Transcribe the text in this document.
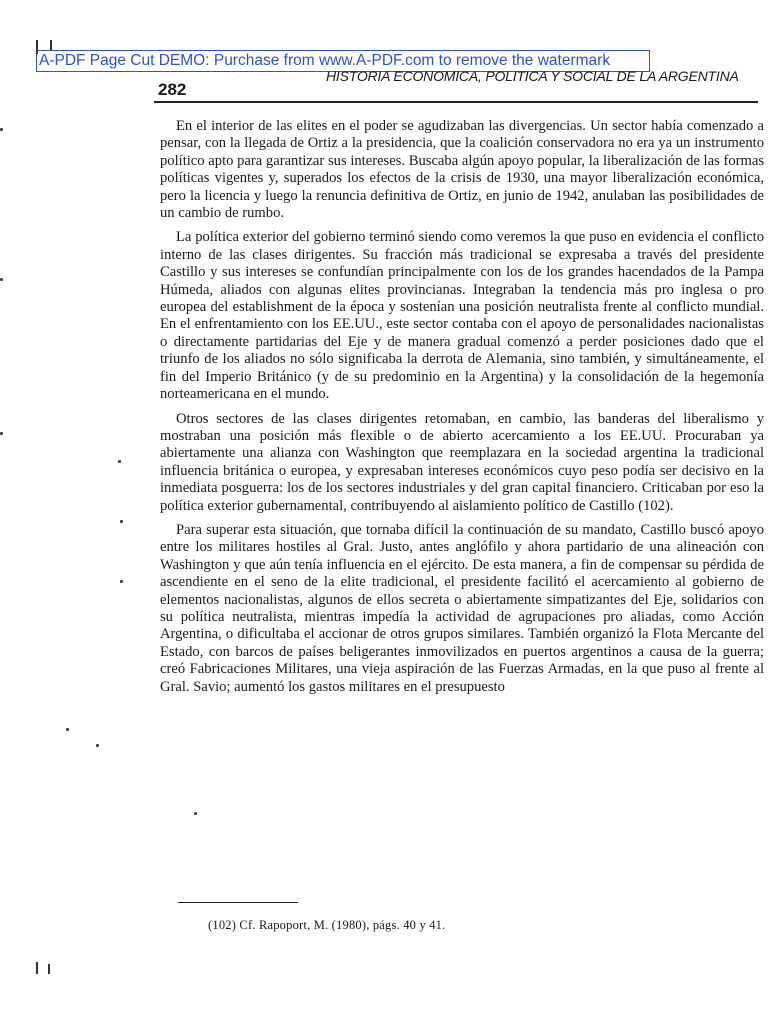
A-PDF Page Cut DEMO: Purchase from www.A-PDF.com to remove the watermark
282
HISTORIA ECONOMICA, POLITICA Y SOCIAL DE LA ARGENTINA

En el interior de las elites en el poder se agudizaban las divergencias. Un sector había comenzado a pensar, con la llegada de Ortiz a la presidencia, que la coalición conservadora no era ya un instrumento político apto para garantizar sus intereses. Buscaba algún apoyo popular, la liberalización de las formas políticas vigentes y, superados los efectos de la crisis de 1930, una mayor liberalización económica, pero la licencia y luego la renuncia definitiva de Ortiz, en junio de 1942, anulaban las posibilidades de un cambio de rumbo.

La política exterior del gobierno terminó siendo como veremos la que puso en evidencia el conflicto interno de las clases dirigentes. Su fracción más tradicional se expresaba a través del presidente Castillo y sus intereses se confundían principalmente con los de los grandes hacendados de la Pampa Húmeda, aliados con algunas elites provincianas. Integraban la tendencia más pro inglesa o pro europea del establishment de la época y sostenían una posición neutralista frente al conflicto mundial. En el enfrentamiento con los EE.UU., este sector contaba con el apoyo de personalidades nacionalistas o directamente partidarias del Eje y de manera gradual comenzó a perder posiciones dado que el triunfo de los aliados no sólo significaba la derrota de Alemania, sino también, y simultáneamente, el fin del Imperio Británico (y de su predominio en la Argentina) y la consolidación de la hegemonía norteamericana en el mundo.

Otros sectores de las clases dirigentes retomaban, en cambio, las banderas del liberalismo y mostraban una posición más flexible o de abierto acercamiento a los EE.UU. Procuraban ya abiertamente una alianza con Washington que reemplazara en la sociedad argentina la tradicional influencia británica o europea, y expresaban intereses económicos cuyo peso podía ser decisivo en la inmediata posguerra: los de los sectores industriales y del gran capital financiero. Criticaban por eso la política exterior gubernamental, contribuyendo al aislamiento político de Castillo (102).

Para superar esta situación, que tornaba difícil la continuación de su mandato, Castillo buscó apoyo entre los militares hostiles al Gral. Justo, antes anglófilo y ahora partidario de una alineación con Washington y que aún tenía influencia en el ejército. De esta manera, a fin de compensar su pérdida de ascendiente en el seno de la elite tradicional, el presidente facilitó el acercamiento al gobierno de elementos nacionalistas, algunos de ellos secreta o abiertamente simpatizantes del Eje, solidarios con su política neutralista, mientras impedía la actividad de agrupaciones pro aliadas, como Acción Argentina, o dificultaba el accionar de otros grupos similares. También organizó la Flota Mercante del Estado, con barcos de países beligerantes inmovilizados en puertos argentinos a causa de la guerra; creó Fabricaciones Militares, una vieja aspiración de las Fuerzas Armadas, en la que puso al frente al Gral. Savio; aumentó los gastos militares en el presupuesto

(102) Cf. Rapoport, M. (1980), págs. 40 y 41.
